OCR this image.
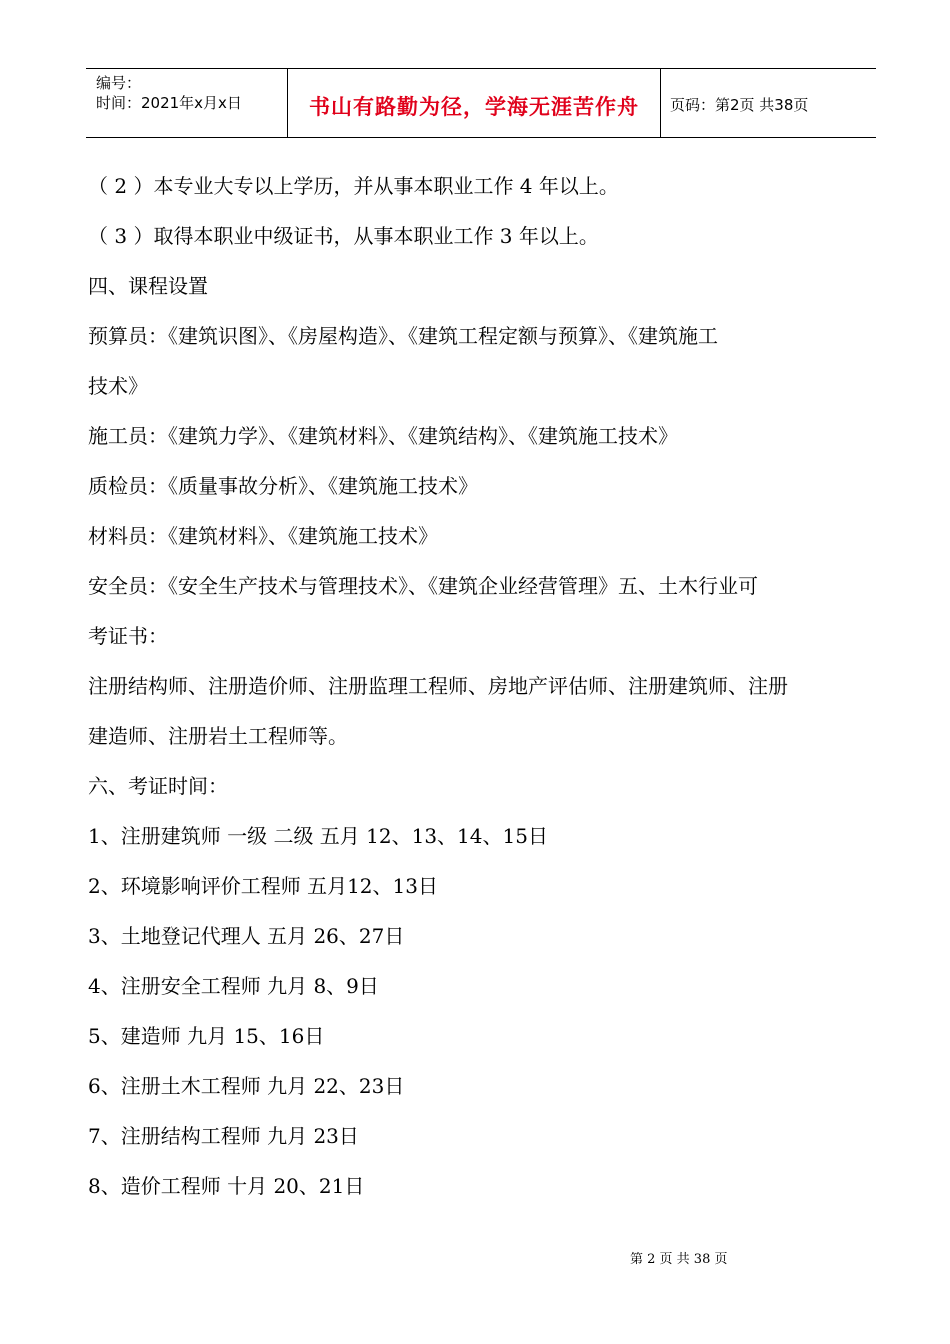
编号：
时间：2021年x月x日	书山有路勤为径，学海无涯苦作舟	页码：第2页 共38页
（ 2 ）本专业大专以上学历，并从事本职业工作 4 年以上。
（ 3 ）取得本职业中级证书，从事本职业工作 3 年以上。
四、课程设置
预算员：《建筑识图》、《房屋构造》、《建筑工程定额与预算》、《建筑施工
技术》
施工员：《建筑力学》、《建筑材料》、《建筑结构》、《建筑施工技术》
质检员：《质量事故分析》、《建筑施工技术》
材料员：《建筑材料》、《建筑施工技术》
安全员：《安全生产技术与管理技术》、《建筑企业经营管理》五、土木行业可
考证书：
注册结构师、注册造价师、注册监理工程师、房地产评估师、注册建筑师、注册
建造师、注册岩土工程师等。
六、考证时间：
1、注册建筑师 一级 二级 五月 12、13、14、15日
2、环境影响评价工程师 五月12、13日
3、土地登记代理人 五月 26、27日
4、注册安全工程师 九月 8、9日
5、建造师 九月 15、16日
6、注册土木工程师 九月 22、23日
7、注册结构工程师 九月 23日
8、造价工程师 十月 20、21日
第 2 页 共 38 页
